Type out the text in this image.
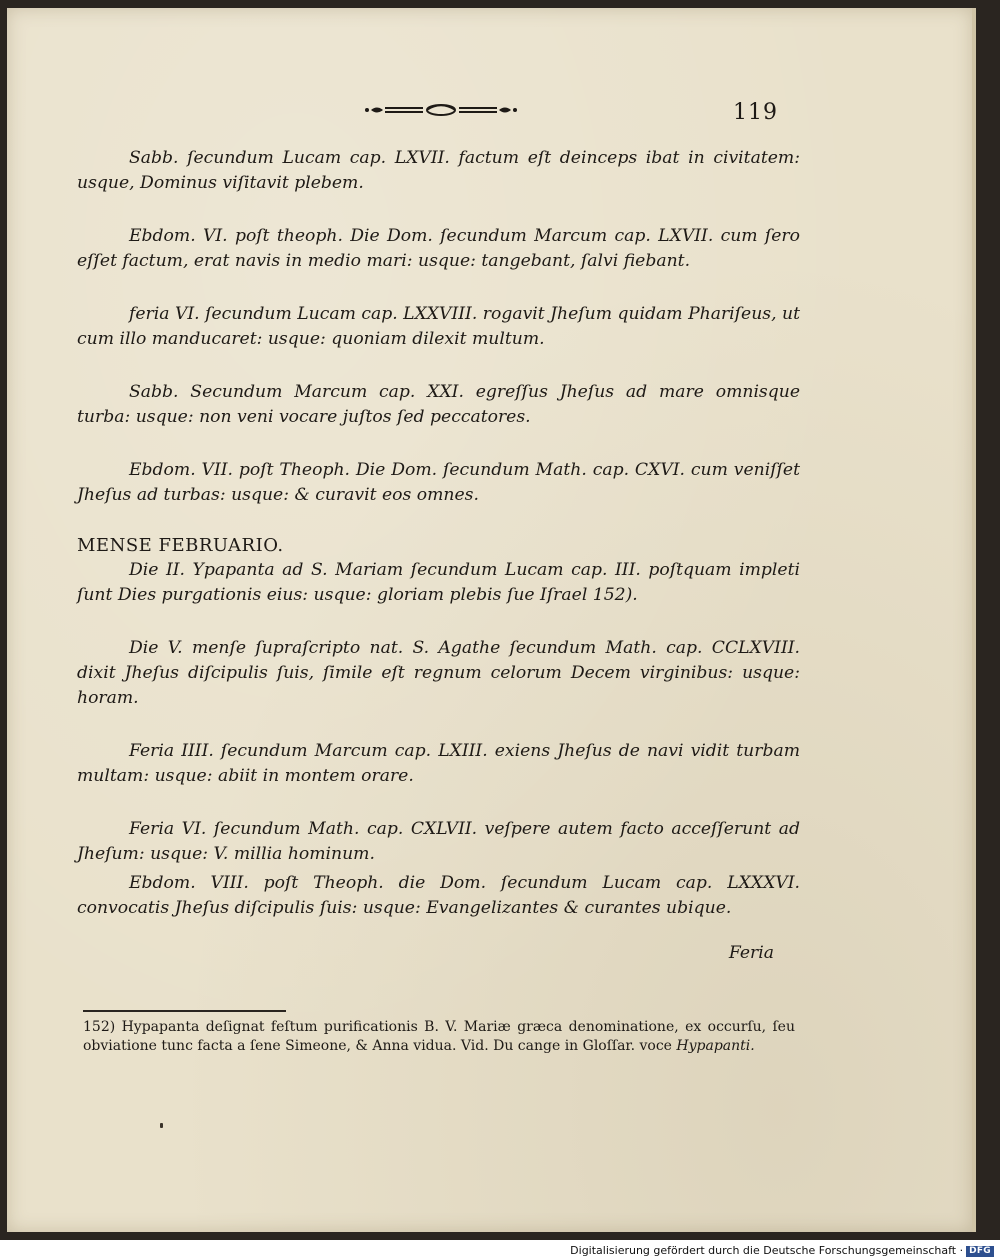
119

Sabb. ſecundum Lucam cap. LXVII. factum eſt deinceps ibat in civitatem: usque, Dominus viſitavit plebem.

Ebdom. VI. poſt theoph. Die Dom. ſecundum Marcum cap. LXVII. cum ſero eſſet factum, erat navis in medio mari: usque: tangebant, ſalvi fiebant.

feria VI. ſecundum Lucam cap. LXXVIII. rogavit Jheſum quidam Phariſeus, ut cum illo manducaret: usque: quoniam dilexit multum.

Sabb. Secundum Marcum cap. XXI. egreſſus Jheſus ad mare omnisque turba: usque: non veni vocare juſtos ſed peccatores.

Ebdom. VII. poſt Theoph. Die Dom. ſecundum Math. cap. CXVI. cum veniſſet Jheſus ad turbas: usque: & curavit eos omnes.

MENSE FEBRUARIO.

Die II. Ypapanta ad S. Mariam ſecundum Lucam cap. III. poſtquam impleti ſunt Dies purgationis eius: usque: gloriam plebis ſue Iſrael 152).

Die V. menſe ſupraſcripto nat. S. Agathe ſecundum Math. cap. CCLXVIII. dixit Jheſus diſcipulis ſuis, ſimile eſt regnum celorum Decem virginibus: usque: horam.

Feria IIII. ſecundum Marcum cap. LXIII. exiens Jheſus de navi vidit turbam multam: usque: abiit in montem orare.

Feria VI. ſecundum Math. cap. CXLVII. veſpere autem facto acceſſerunt ad Jheſum: usque: V. millia hominum.

Ebdom. VIII. poſt Theoph. die Dom. ſecundum Lucam cap. LXXXVI. convocatis Jheſus diſcipulis ſuis: usque: Evangelizantes & curantes ubique.

Feria

152) Hypapanta deſignat feſtum purificationis B. V. Mariæ græca denominatione, ex occurſu, ſeu obviatione tunc facta a ſene Simeone, & Anna vidua. Vid. Du cange in Gloſſar. voce Hypapanti.
Digitalisierung gefördert durch die Deutsche Forschungsgemeinschaft · DFG
